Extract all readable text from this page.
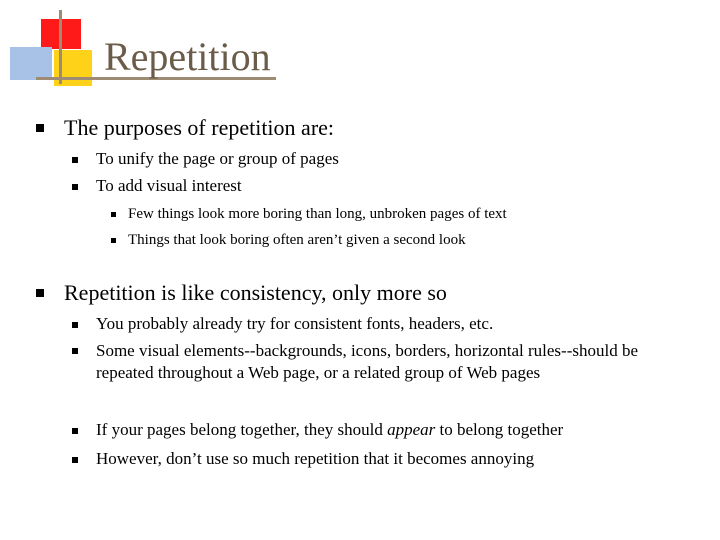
Repetition
The purposes of repetition are:
To unify the page or group of pages
To add visual interest
Few things look more boring than long, unbroken pages of text
Things that look boring often aren’t given a second look
Repetition is like consistency, only more so
You probably already try for consistent fonts, headers, etc.
Some visual elements--backgrounds, icons, borders, horizontal rules--should be repeated throughout a Web page, or a related group of Web pages
If your pages belong together, they should appear to belong together
However, don’t use so much repetition that it becomes annoying
